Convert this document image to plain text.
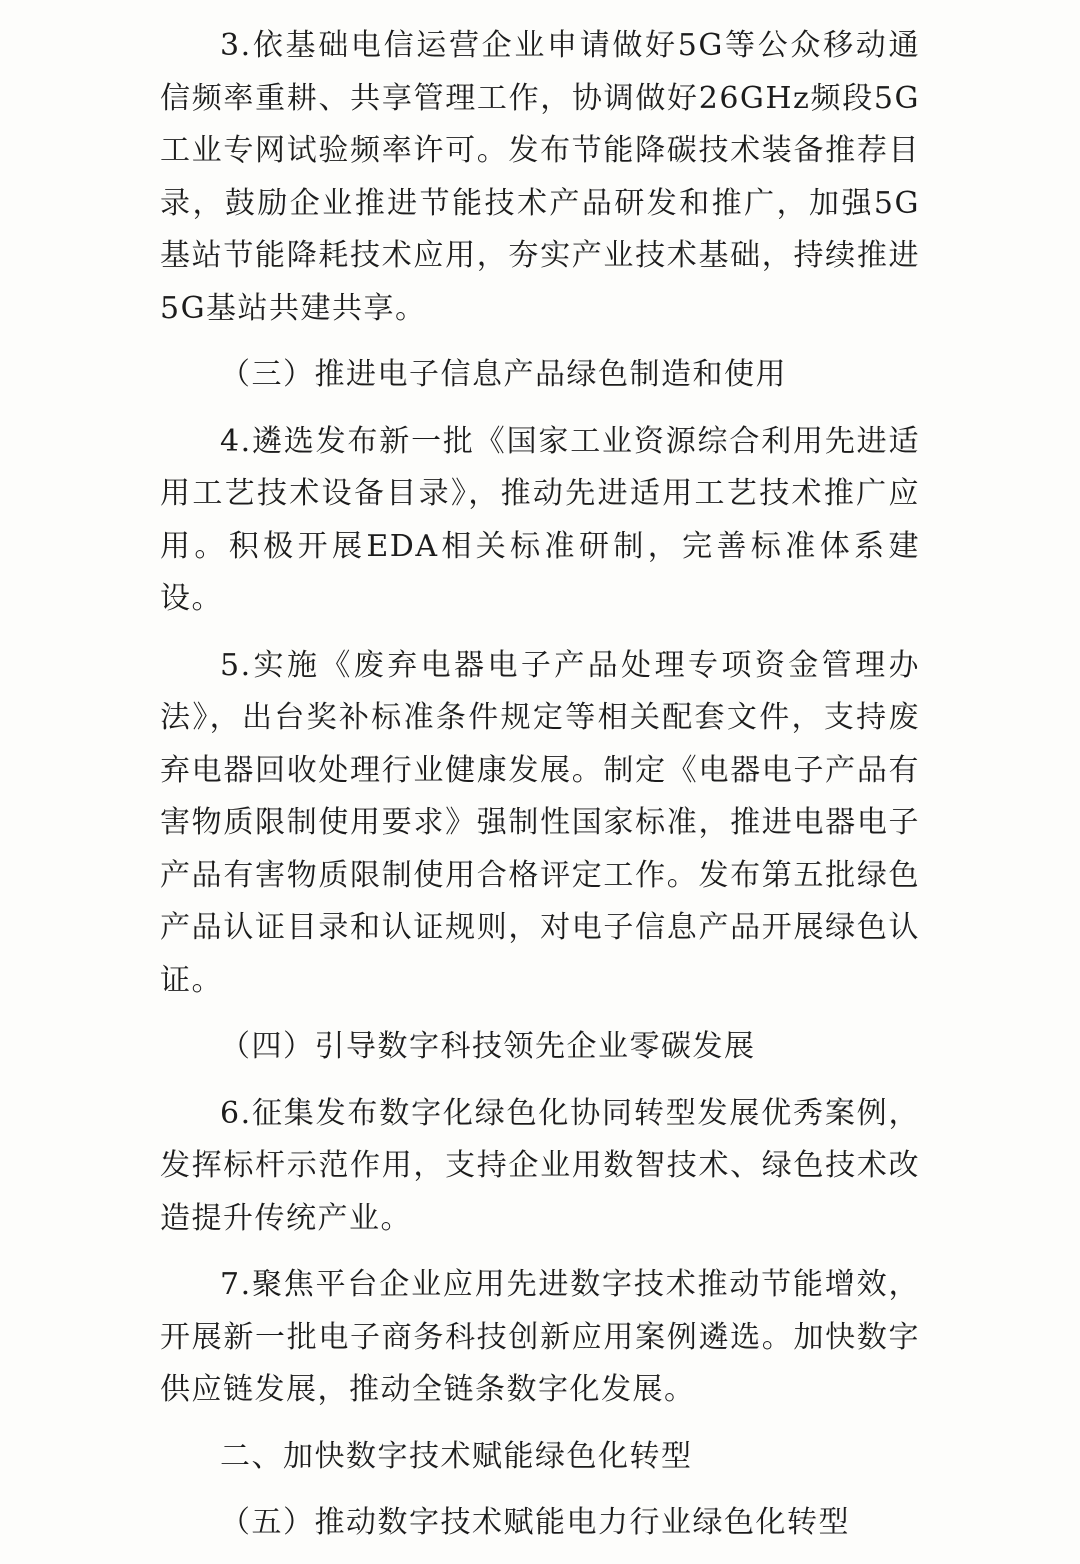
3.依基础电信运营企业申请做好5G等公众移动通信频率重耕、共享管理工作，协调做好26GHz频段5G工业专网试验频率许可。发布节能降碳技术装备推荐目录，鼓励企业推进节能技术产品研发和推广，加强5G基站节能降耗技术应用，夯实产业技术基础，持续推进5G基站共建共享。

（三）推进电子信息产品绿色制造和使用

4.遴选发布新一批《国家工业资源综合利用先进适用工艺技术设备目录》，推动先进适用工艺技术推广应用。积极开展EDA相关标准研制，完善标准体系建设。

5.实施《废弃电器电子产品处理专项资金管理办法》，出台奖补标准条件规定等相关配套文件，支持废弃电器回收处理行业健康发展。制定《电器电子产品有害物质限制使用要求》强制性国家标准，推进电器电子产品有害物质限制使用合格评定工作。发布第五批绿色产品认证目录和认证规则，对电子信息产品开展绿色认证。

（四）引导数字科技领先企业零碳发展

6.征集发布数字化绿色化协同转型发展优秀案例，发挥标杆示范作用，支持企业用数智技术、绿色技术改造提升传统产业。

7.聚焦平台企业应用先进数字技术推动节能增效，开展新一批电子商务科技创新应用案例遴选。加快数字供应链发展，推动全链条数字化发展。

二、加快数字技术赋能绿色化转型

（五）推动数字技术赋能电力行业绿色化转型
